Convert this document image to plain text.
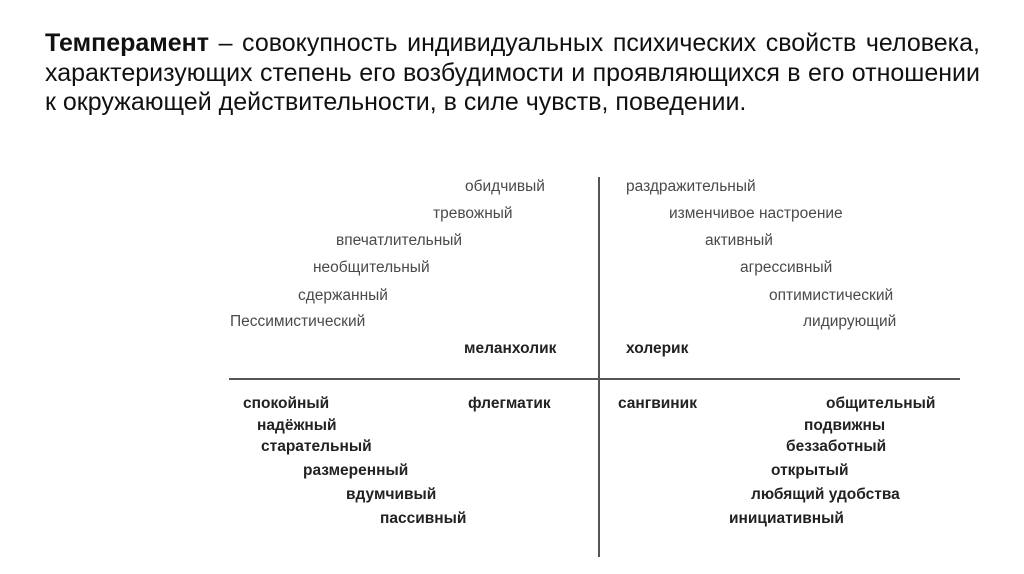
Темперамент – совокупность индивидуальных психических свойств человека, характеризующих степень его возбудимости и проявляющихся в его отношении к окружающей действительности, в силе чувств, поведении.

обидчивый
тревожный
впечатлительный
необщительный
сдержанный
Пессимистический
меланхолик
раздражительный
изменчивое настроение
активный
агрессивный
оптимистический
лидирующий
холерик
флегматик
спокойный
надёжный
старательный
размеренный
вдумчивый
пассивный
сангвиник	общительный
подвижны
беззаботный
открытый
любящий удобства
инициативный
